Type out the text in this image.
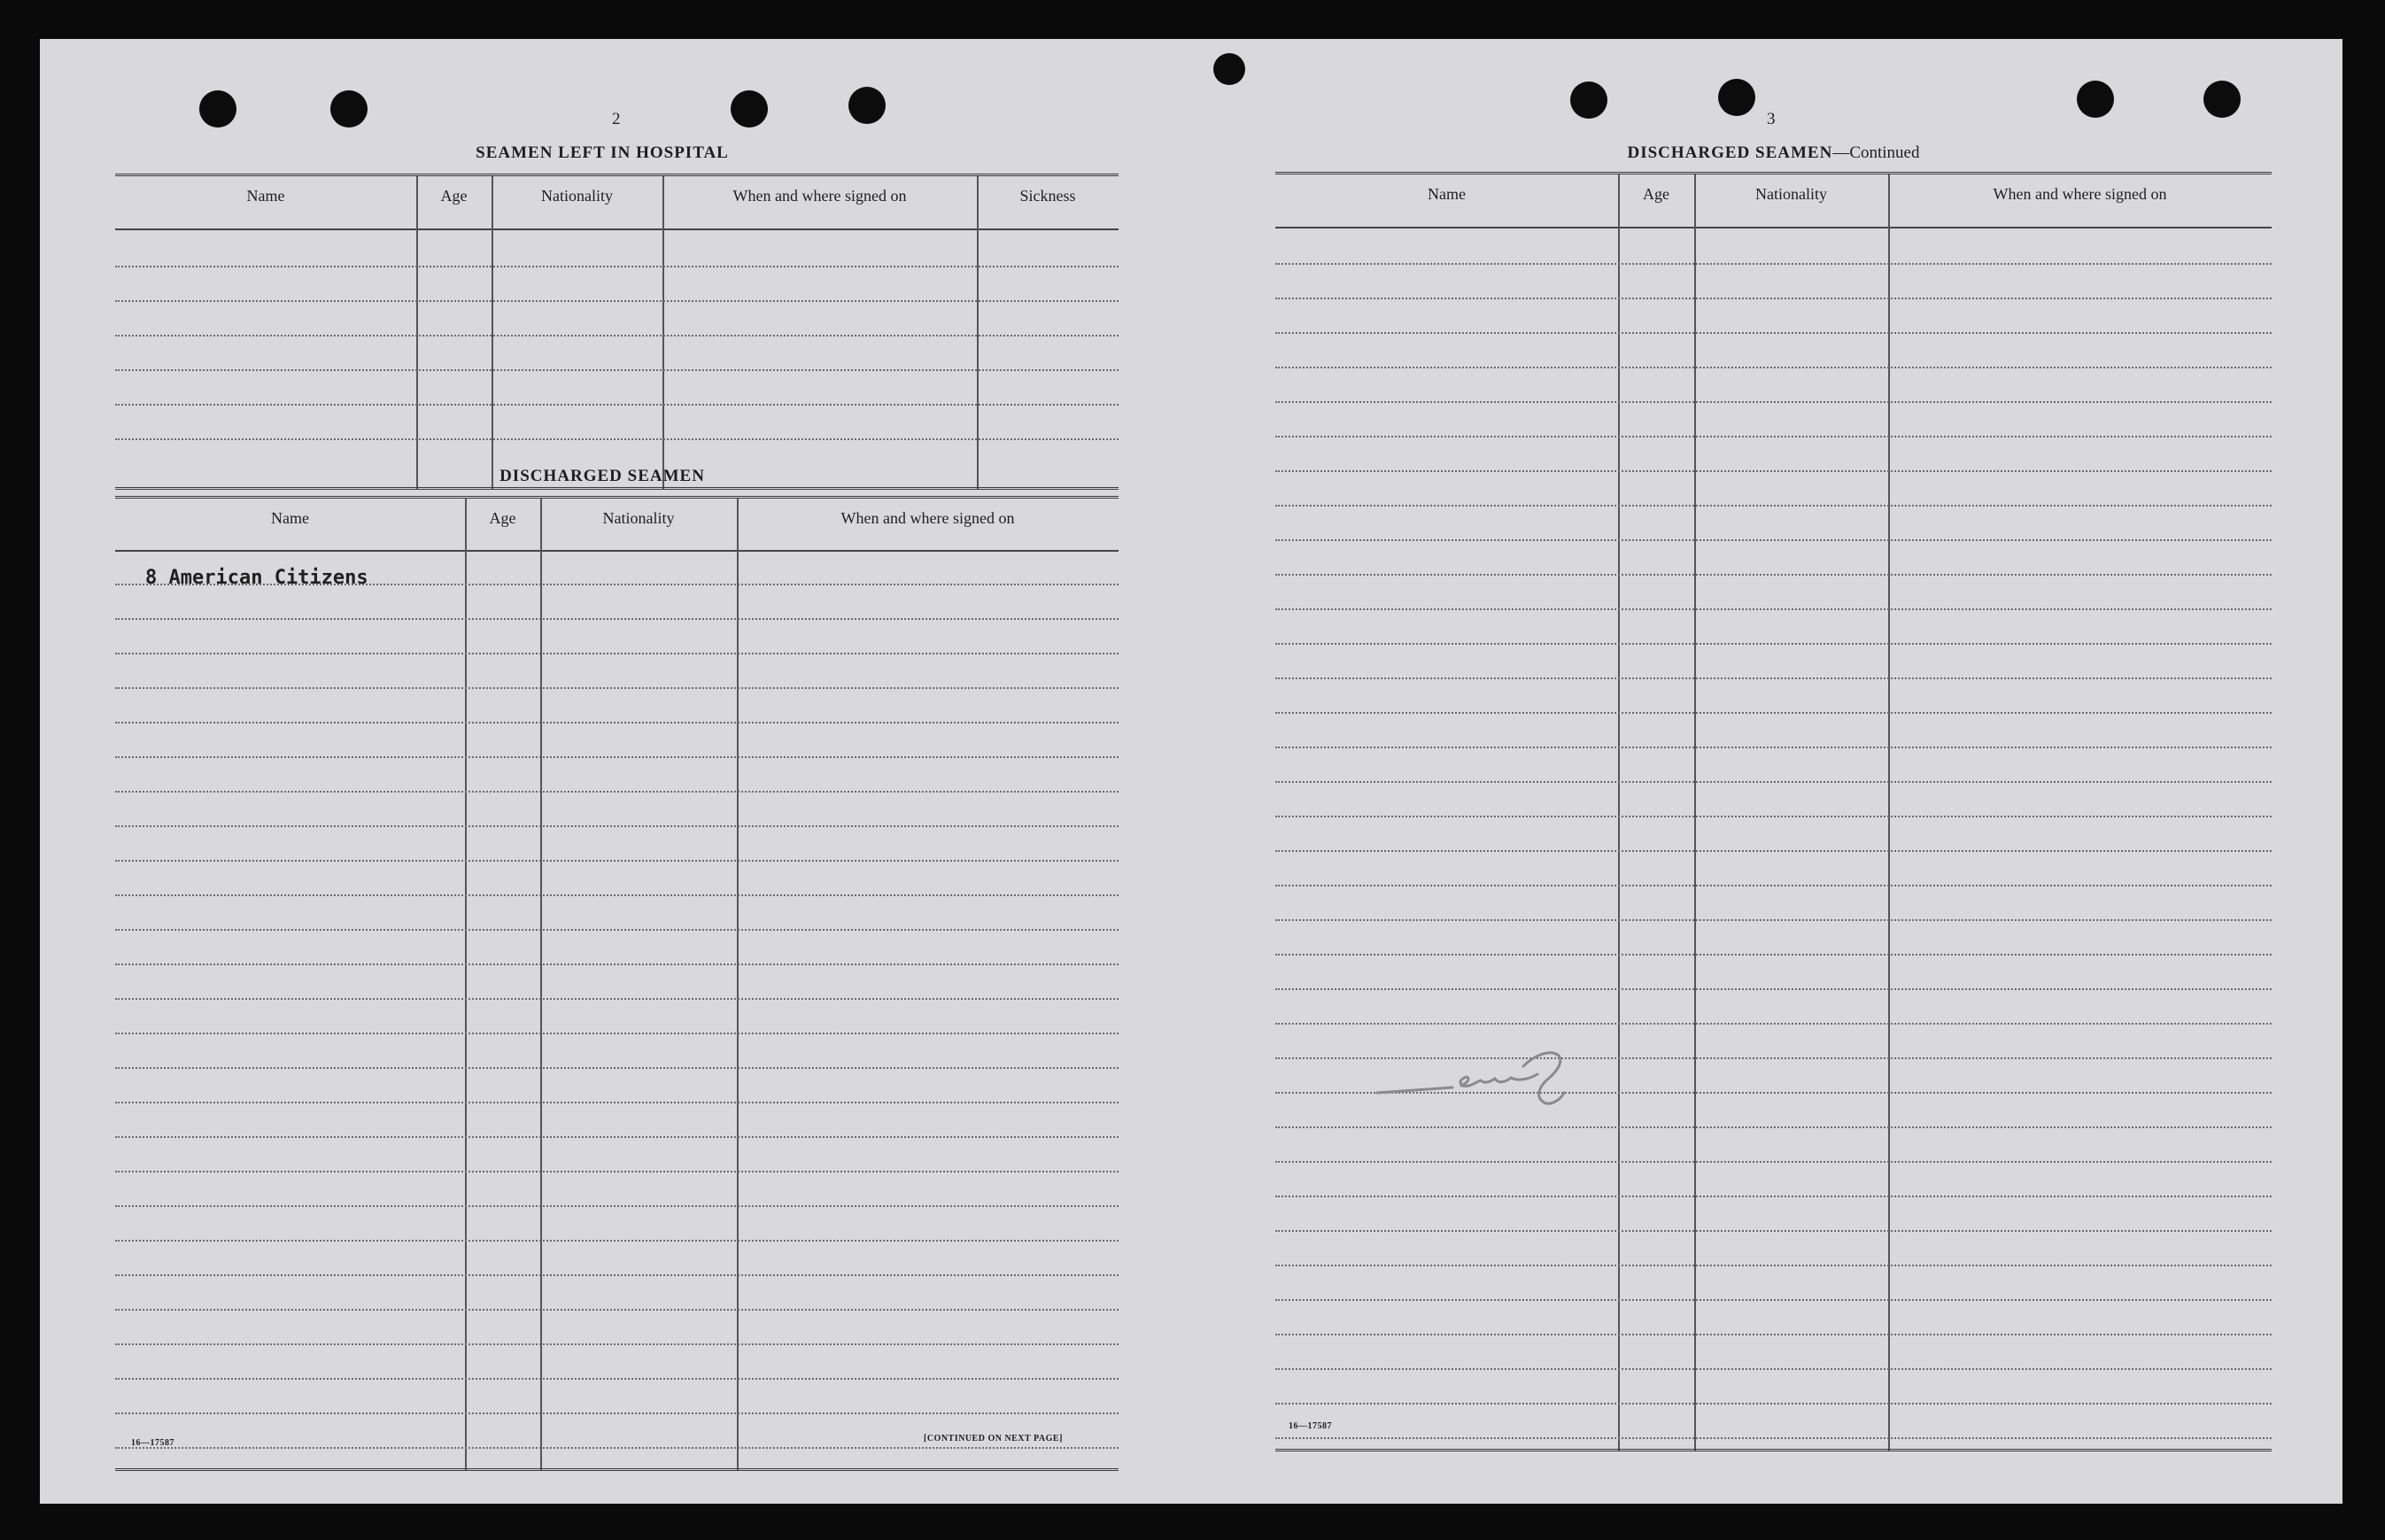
2
SEAMEN LEFT IN HOSPITAL
Name	Age	Nationality	When and where signed on	Sickness
DISCHARGED SEAMEN
Name	Age	Nationality	When and where signed on
8 American Citizens
16—17587	[CONTINUED ON NEXT PAGE]
3
DISCHARGED SEAMEN—Continued
Name	Age	Nationality	When and where signed on
16—17587
